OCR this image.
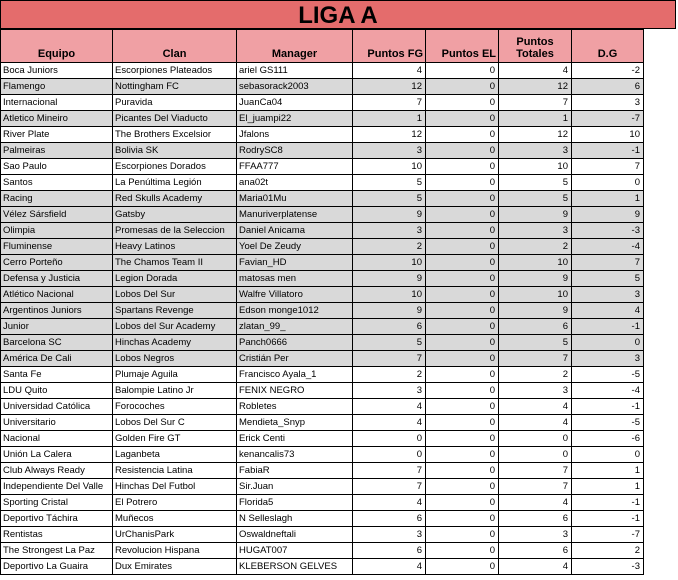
LIGA A
Equipo	Clan	Manager	Puntos FG	Puntos EL	Puntos Totales	D.G
Boca Juniors	Escorpiones Plateados	ariel GS111	4	0	4	-2
Flamengo	Nottingham FC	sebasorack2003	12	0	12	6
Internacional	Puravida	JuanCa04	7	0	7	3
Atletico Mineiro	Picantes Del Viaducto	El_juampi22	1	0	1	-7
River Plate	The Brothers Excelsior	Jfalons	12	0	12	10
Palmeiras	Bolivia SK	RodrySC8	3	0	3	-1
Sao Paulo	Escorpiones Dorados	FFAA777	10	0	10	7
Santos	La Penúltima Legión	ana02t	5	0	5	0
Racing	Red Skulls Academy	Maria01Mu	5	0	5	1
Vélez Sársfield	Gatsby	Manuriverplatense	9	0	9	9
Olimpia	Promesas de la Seleccion	Daniel Anicama	3	0	3	-3
Fluminense	Heavy Latinos	Yoel De Zeudy	2	0	2	-4
Cerro Porteño	The Chamos Team II	Favian_HD	10	0	10	7
Defensa y Justicia	Legion Dorada	matosas men	9	0	9	5
Atlético Nacional	Lobos Del Sur	Walfre Villatoro	10	0	10	3
Argentinos Juniors	Spartans Revenge	Edson monge1012	9	0	9	4
Junior	Lobos del Sur Academy	zlatan_99_	6	0	6	-1
Barcelona SC	Hinchas Academy	Panch0666	5	0	5	0
América De Cali	Lobos Negros	Cristián Per	7	0	7	3
Santa Fe	Plumaje Aguila	Francisco Ayala_1	2	0	2	-5
LDU Quito	Balompie Latino Jr	FENIX NEGRO	3	0	3	-4
Universidad Católica	Forocoches	Robletes	4	0	4	-1
Universitario	Lobos Del Sur C	Mendieta_Snyp	4	0	4	-5
Nacional	Golden Fire GT	Erick Centi	0	0	0	-6
Unión La Calera	Laganbeta	kenancalis73	0	0	0	0
Club Always Ready	Resistencia Latina	FabiaR	7	0	7	1
Independiente Del Valle	Hinchas Del Futbol	Sir.Juan	7	0	7	1
Sporting Cristal	El Potrero	Florida5	4	0	4	-1
Deportivo Táchira	Muñecos	N Selleslagh	6	0	6	-1
Rentistas	UrChanisPark	Oswaldneftali	3	0	3	-7
The Strongest La Paz	Revolucion Hispana	HUGAT007	6	0	6	2
Deportivo La Guaira	Dux Emirates	KLEBERSON GELVES	4	0	4	-3
